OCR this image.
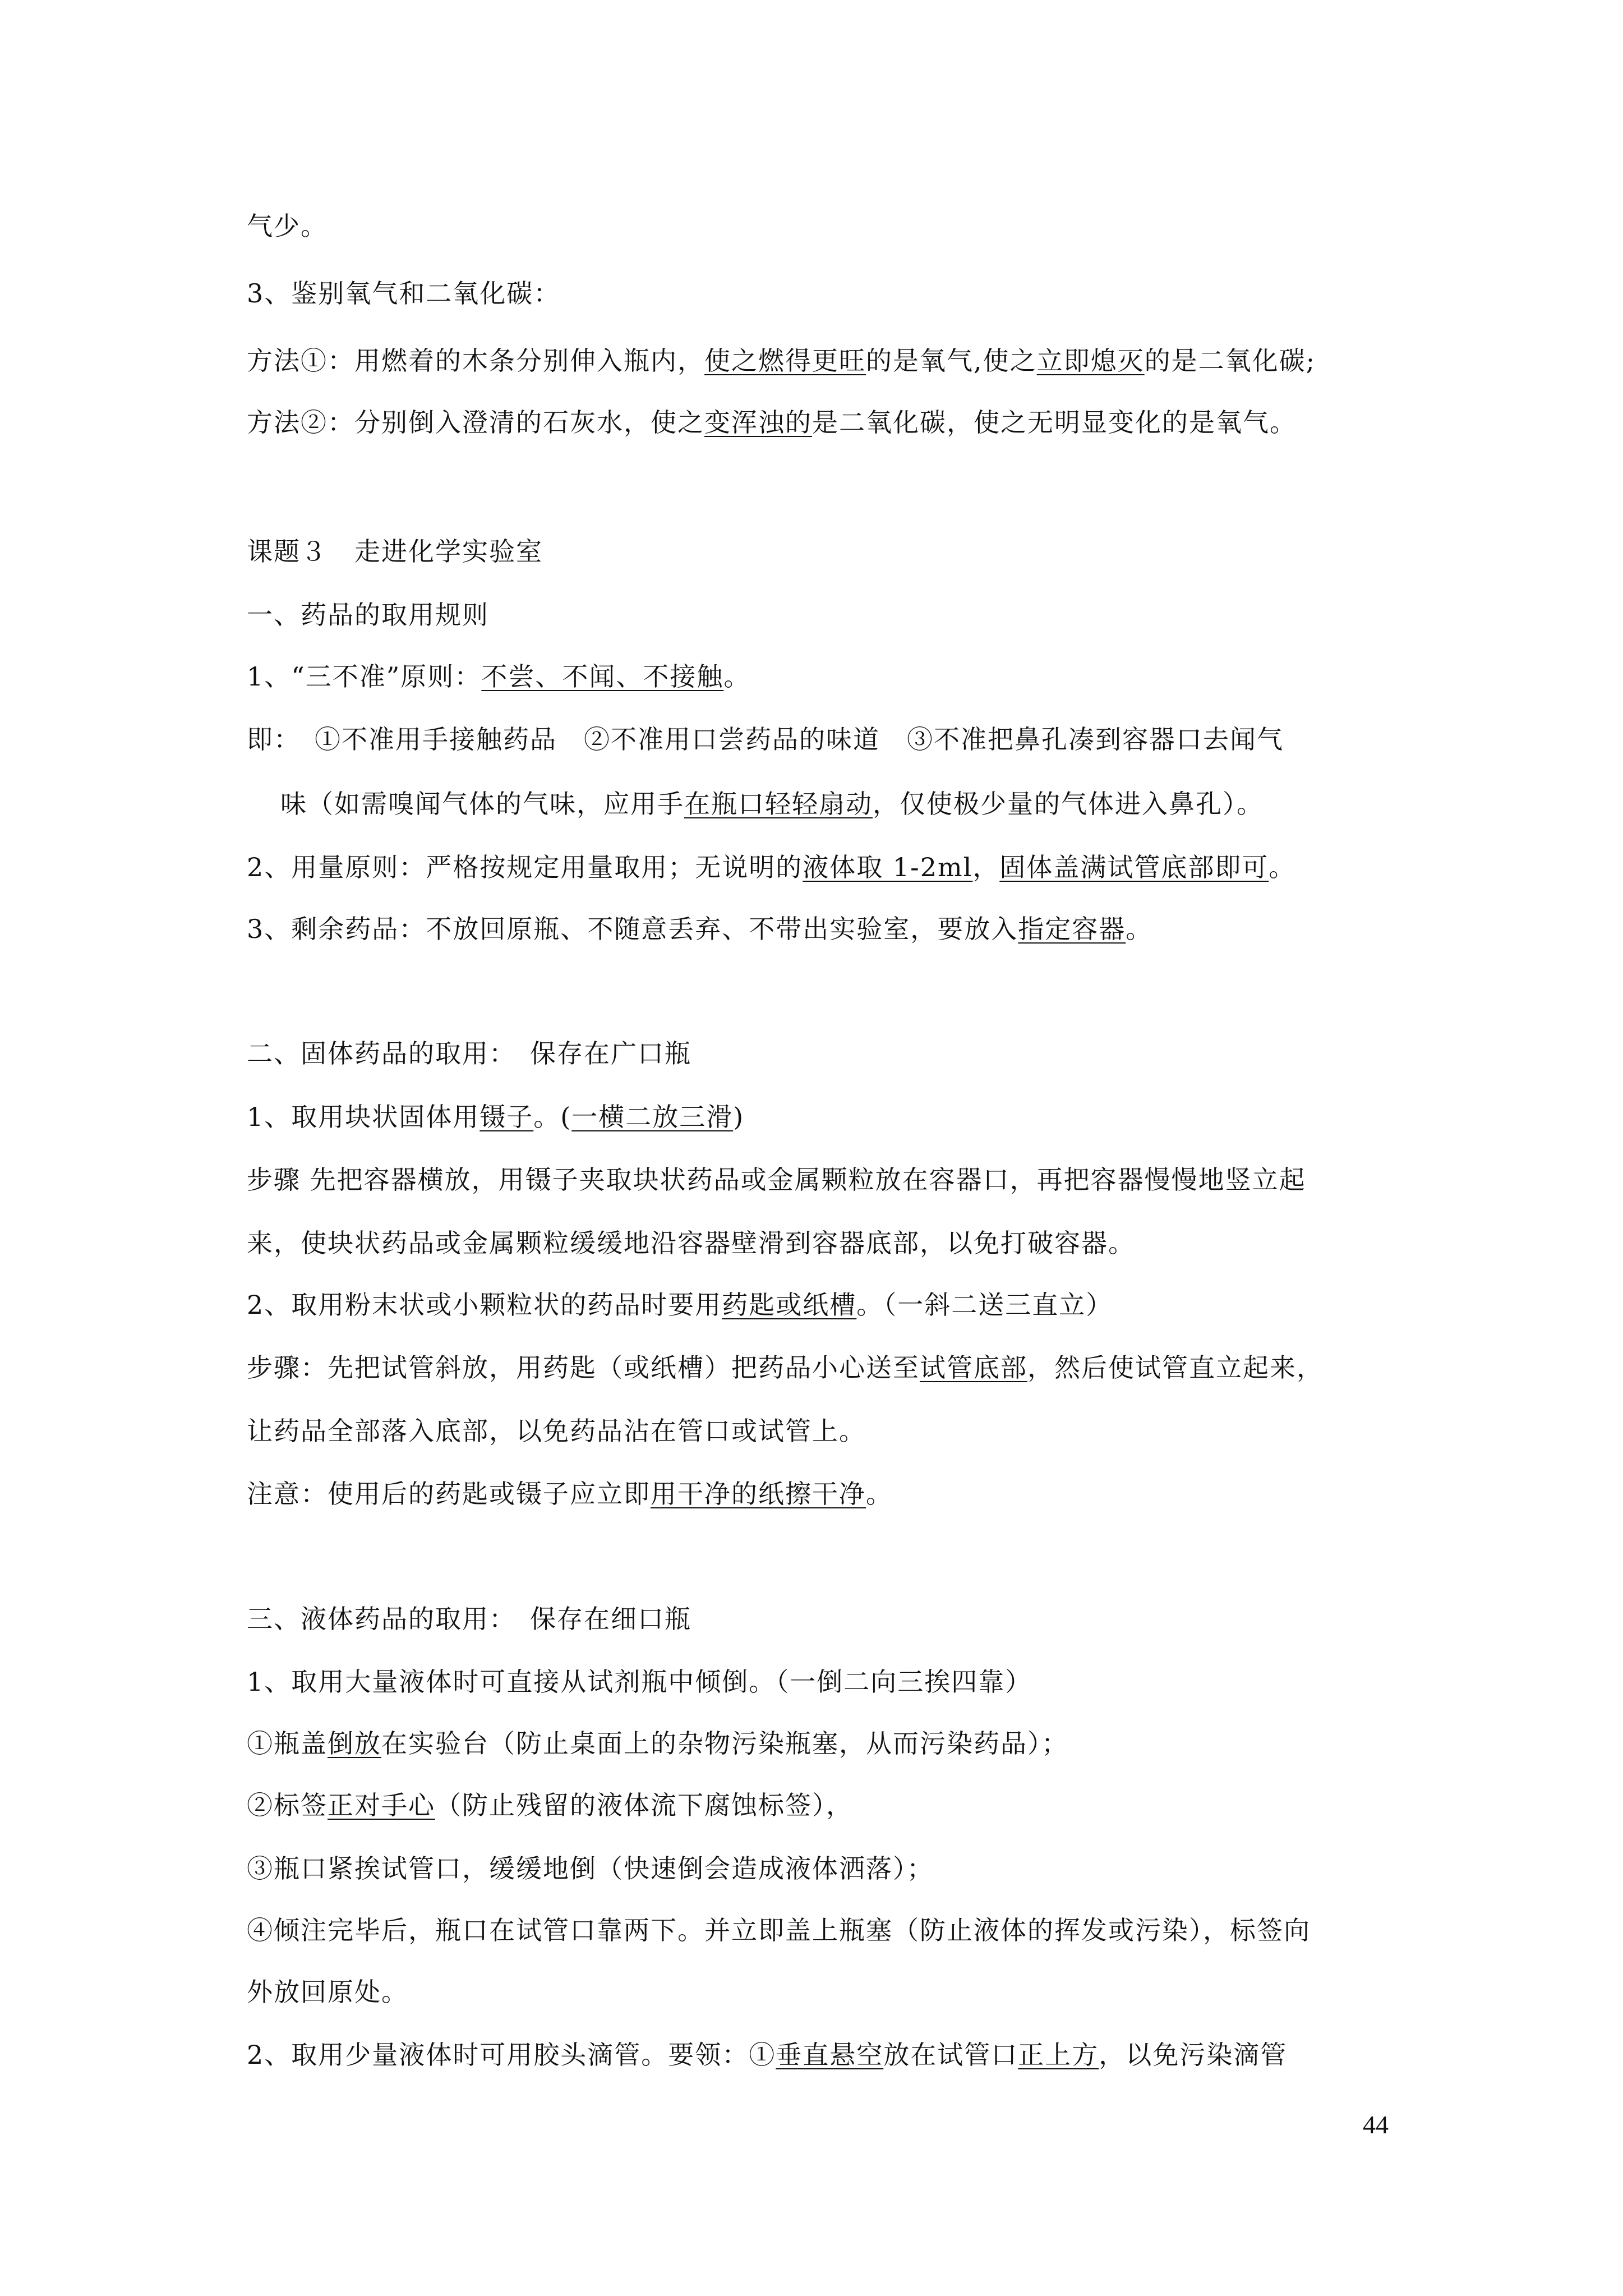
气少。
3、鉴别氧气和二氧化碳：
方法①：用燃着的木条分别伸入瓶内，使之燃得更旺的是氧气,使之立即熄灭的是二氧化碳;
方法②：分别倒入澄清的石灰水，使之变浑浊的是二氧化碳，使之无明显变化的是氧气。
课题３　走进化学实验室
一、药品的取用规则
1、“三不准”原则：不尝、不闻、不接触。
即：　①不准用手接触药品　②不准用口尝药品的味道　③不准把鼻孔凑到容器口去闻气
味（如需嗅闻气体的气味，应用手在瓶口轻轻扇动，仅使极少量的气体进入鼻孔）。
2、用量原则：严格按规定用量取用；无说明的液体取 1-2ml，固体盖满试管底部即可。
3、剩余药品：不放回原瓶、不随意丢弃、不带出实验室，要放入指定容器。
二、固体药品的取用：　保存在广口瓶
1、取用块状固体用镊子。(一横二放三滑)
步骤 先把容器横放，用镊子夹取块状药品或金属颗粒放在容器口，再把容器慢慢地竖立起
来，使块状药品或金属颗粒缓缓地沿容器壁滑到容器底部，以免打破容器。
2、取用粉末状或小颗粒状的药品时要用药匙或纸槽。（一斜二送三直立）
步骤：先把试管斜放，用药匙（或纸槽）把药品小心送至试管底部，然后使试管直立起来，
让药品全部落入底部，以免药品沾在管口或试管上。
注意：使用后的药匙或镊子应立即用干净的纸擦干净。
三、液体药品的取用：　保存在细口瓶
1、取用大量液体时可直接从试剂瓶中倾倒。（一倒二向三挨四靠）
①瓶盖倒放在实验台（防止桌面上的杂物污染瓶塞，从而污染药品）；
②标签正对手心（防止残留的液体流下腐蚀标签），
③瓶口紧挨试管口，缓缓地倒（快速倒会造成液体洒落）；
④倾注完毕后，瓶口在试管口靠两下。并立即盖上瓶塞（防止液体的挥发或污染），标签向
外放回原处。
2、取用少量液体时可用胶头滴管。要领：①垂直悬空放在试管口正上方，以免污染滴管
44
